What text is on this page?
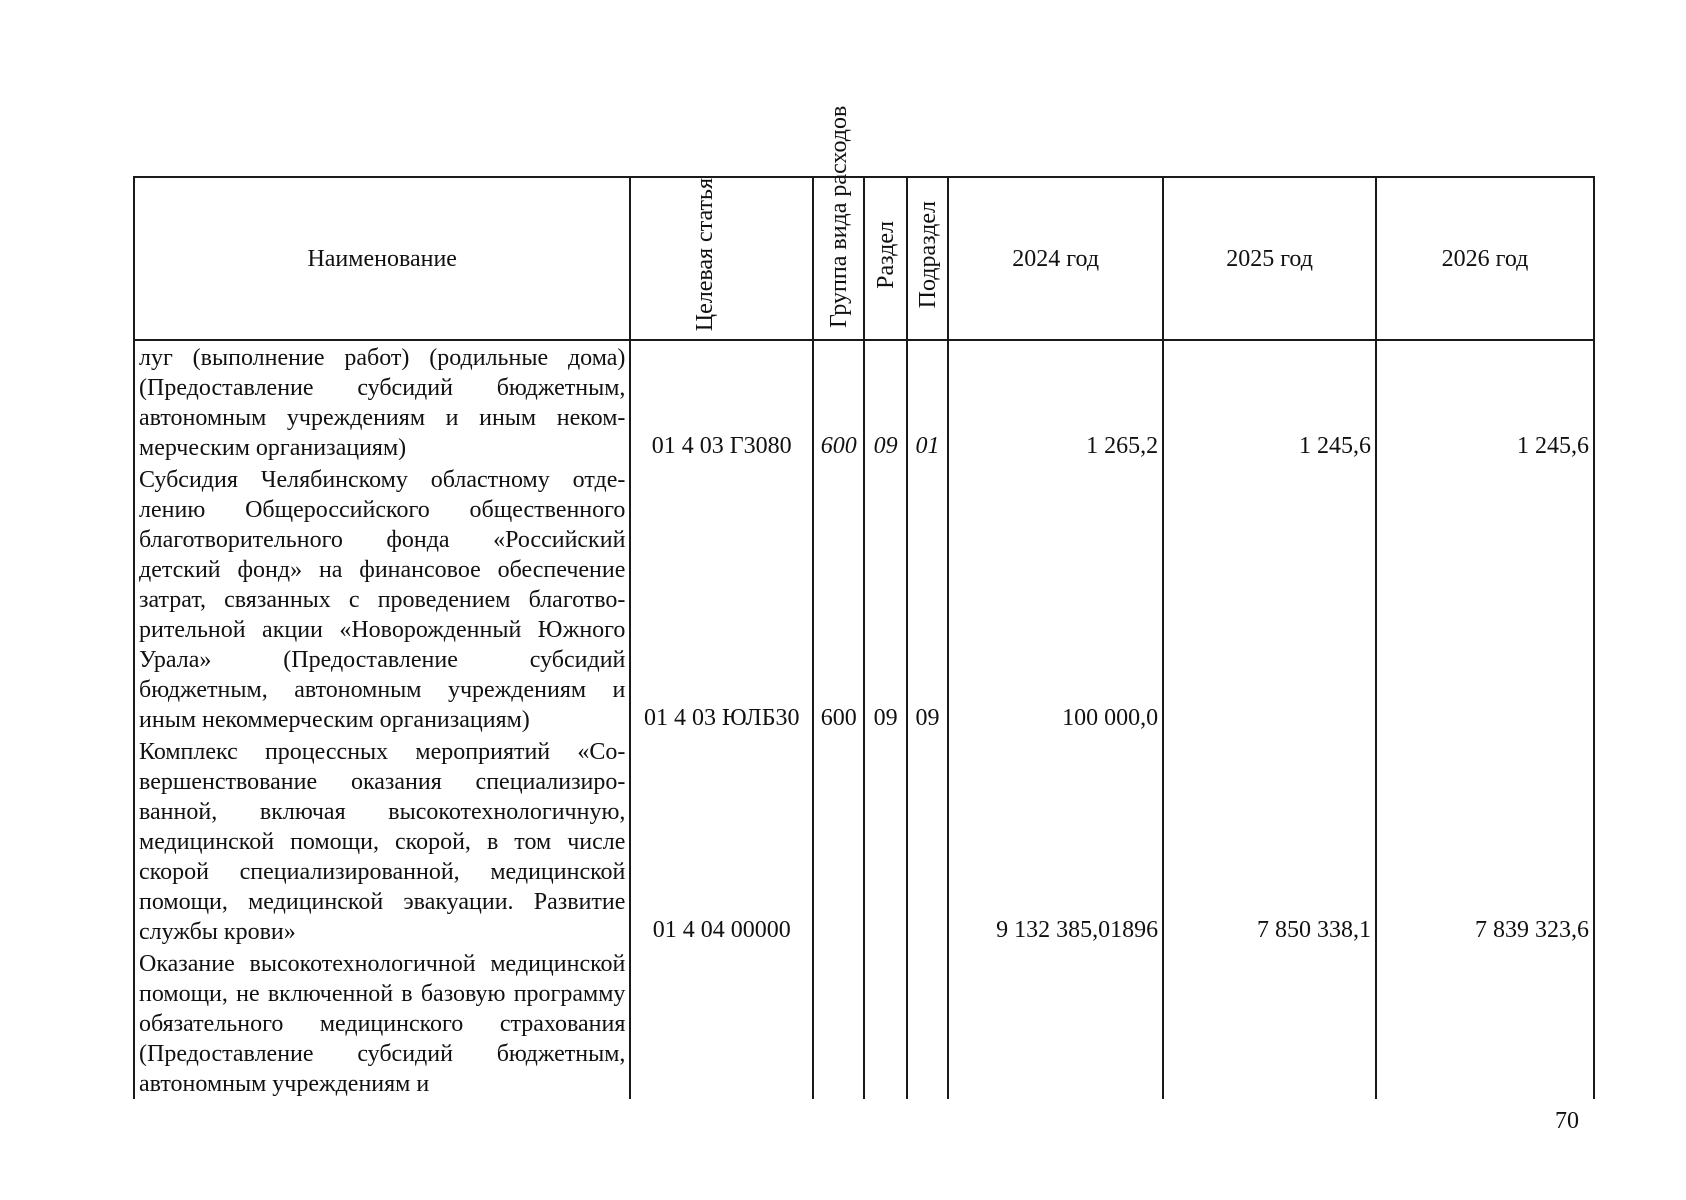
Наименование	Целевая статья	Группа вида расходов	Раздел	Подраздел	2024 год	2025 год	2026 год
луг (выполнение работ) (родильные дома) (Предоставление субсидий бюджетным, автономным учреждениям и иным некоммерческим организациям)	01 4 03 Г3080	600	09	01	1 265,2	1 245,6	1 245,6
Субсидия Челябинскому областному отделению Общероссийского общественного благотворительного фонда «Российский детский фонд» на финансовое обеспечение затрат, связанных с проведением благотворительной акции «Новорожденный Южного Урала» (Предоставление субсидий бюджетным, автономным учреждениям и иным некоммерческим организациям)	01 4 03 ЮЛБ30	600	09	09	100 000,0		
Комплекс процессных мероприятий «Совершенствование оказания специализированной, включая высокотехнологичную, медицинской помощи, скорой, в том числе скорой специализированной, медицинской помощи, медицинской эвакуации. Развитие службы крови»	01 4 04 00000				9 132 385,01896	7 850 338,1	7 839 323,6
Оказание высокотехнологичной медицинской помощи, не включенной в базовую программу обязательного медицинского страхования (Предоставление субсидий бюджетным, автономным учреждениям и							
70
